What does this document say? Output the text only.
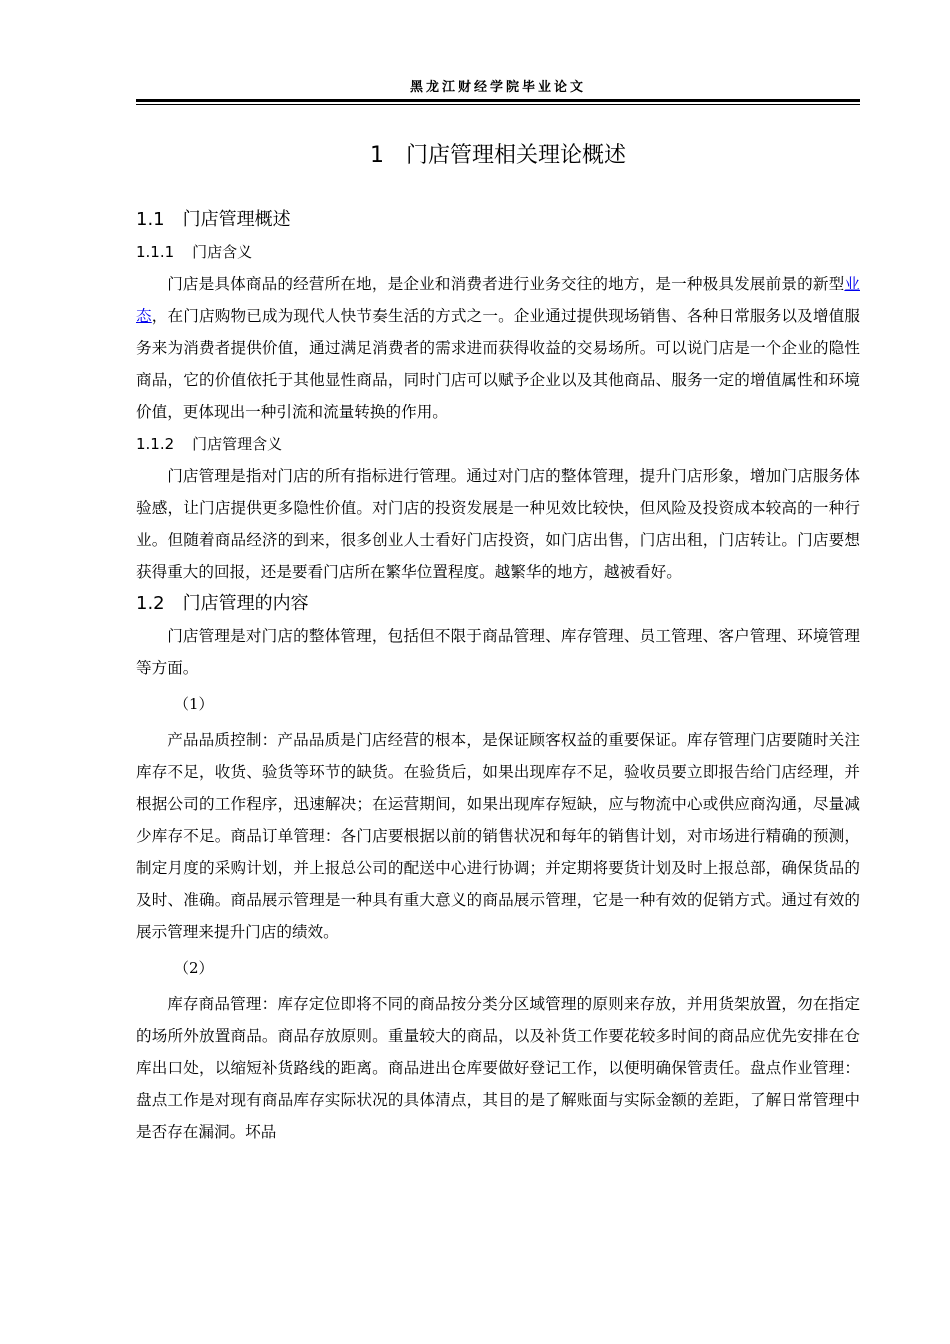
黑龙江财经学院毕业论文
1 门店管理相关理论概述
1.1 门店管理概述
1.1.1 门店含义

门店是具体商品的经营所在地，是企业和消费者进行业务交往的地方，是一种极具发展前景的新型业态，在门店购物已成为现代人快节奏生活的方式之一。企业通过提供现场销售、各种日常服务以及增值服务来为消费者提供价值，通过满足消费者的需求进而获得收益的交易场所。可以说门店是一个企业的隐性商品，它的价值依托于其他显性商品，同时门店可以赋予企业以及其他商品、服务一定的增值属性和环境价值，更体现出一种引流和流量转换的作用。

1.1.2 门店管理含义

门店管理是指对门店的所有指标进行管理。通过对门店的整体管理，提升门店形象，增加门店服务体验感，让门店提供更多隐性价值。对门店的投资发展是一种见效比较快，但风险及投资成本较高的一种行业。但随着商品经济的到来，很多创业人士看好门店投资，如门店出售，门店出租，门店转让。门店要想获得重大的回报，还是要看门店所在繁华位置程度。越繁华的地方，越被看好。

1.2 门店管理的内容

门店管理是对门店的整体管理，包括但不限于商品管理、库存管理、员工管理、客户管理、环境管理等方面。

（1）

产品品质控制：产品品质是门店经营的根本，是保证顾客权益的重要保证。库存管理门店要随时关注库存不足，收货、验货等环节的缺货。在验货后，如果出现库存不足，验收员要立即报告给门店经理，并根据公司的工作程序，迅速解决；在运营期间，如果出现库存短缺，应与物流中心或供应商沟通，尽量减少库存不足。商品订单管理：各门店要根据以前的销售状况和每年的销售计划，对市场进行精确的预测，制定月度的采购计划，并上报总公司的配送中心进行协调；并定期将要货计划及时上报总部，确保货品的及时、准确。商品展示管理是一种具有重大意义的商品展示管理，它是一种有效的促销方式。通过有效的展示管理来提升门店的绩效。

（2）

库存商品管理：库存定位即将不同的商品按分类分区域管理的原则来存放，并用货架放置，勿在指定的场所外放置商品。商品存放原则。重量较大的商品，以及补货工作要花较多时间的商品应优先安排在仓库出口处，以缩短补货路线的距离。商品进出仓库要做好登记工作，以便明确保管责任。盘点作业管理：盘点工作是对现有商品库存实际状况的具体清点，其目的是了解账面与实际金额的差距，了解日常管理中是否存在漏洞。坏品
